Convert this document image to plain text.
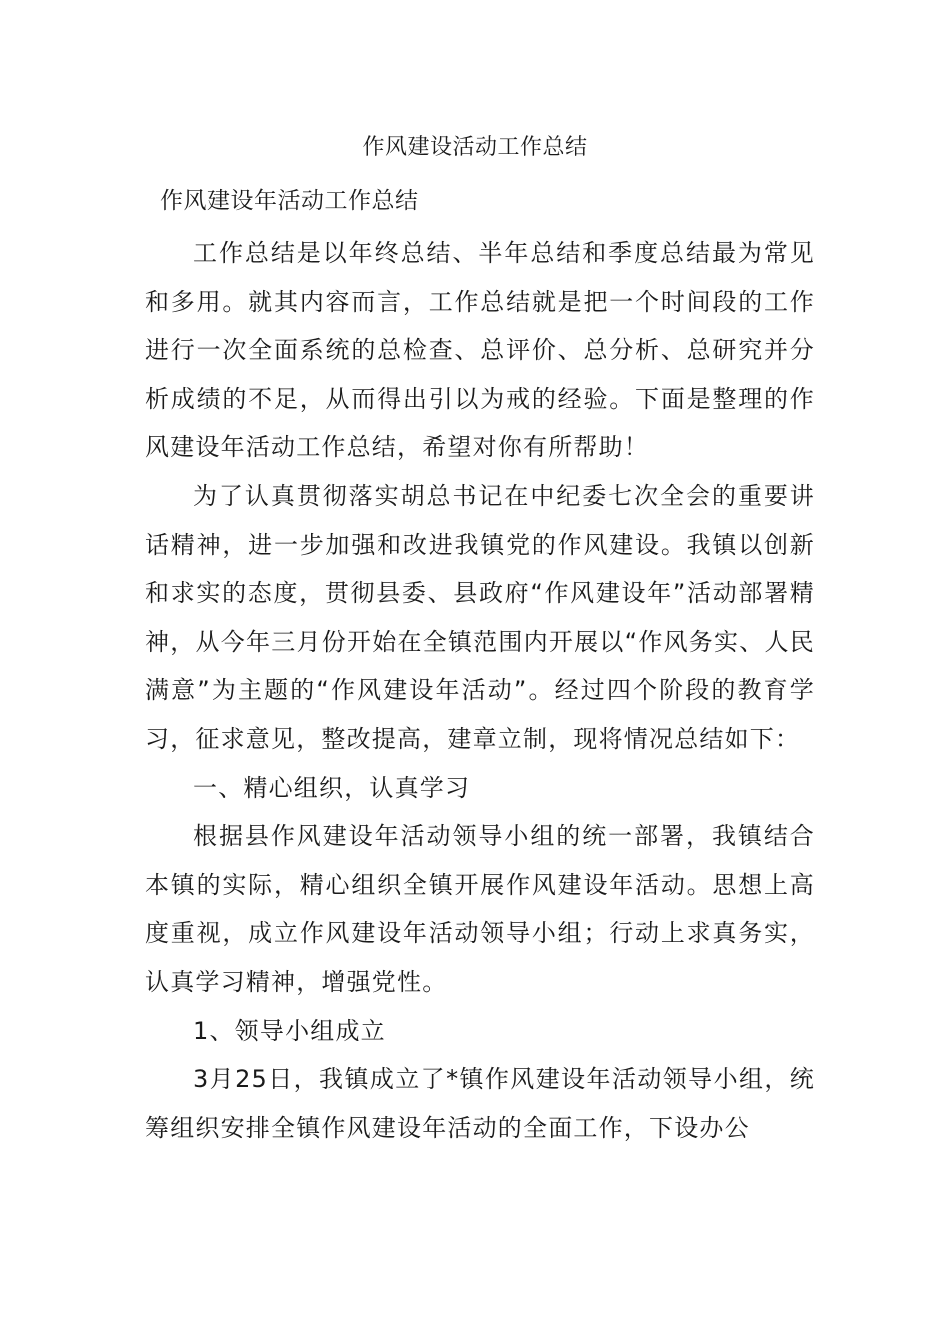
作风建设活动工作总结
作风建设年活动工作总结

工作总结是以年终总结、半年总结和季度总结最为常见和多用。就其内容而言，工作总结就是把一个时间段的工作进行一次全面系统的总检查、总评价、总分析、总研究并分析成绩的不足，从而得出引以为戒的经验。下面是整理的作风建设年活动工作总结，希望对你有所帮助！

为了认真贯彻落实胡总书记在中纪委七次全会的重要讲话精神，进一步加强和改进我镇党的作风建设。我镇以创新和求实的态度，贯彻县委、县政府“作风建设年”活动部署精神，从今年三月份开始在全镇范围内开展以“作风务实、人民满意”为主题的“作风建设年活动”。经过四个阶段的教育学习，征求意见，整改提高，建章立制，现将情况总结如下：

一、精心组织，认真学习

根据县作风建设年活动领导小组的统一部署，我镇结合本镇的实际，精心组织全镇开展作风建设年活动。思想上高度重视，成立作风建设年活动领导小组；行动上求真务实，认真学习精神，增强党性。

1、领导小组成立

3月25日，我镇成立了*镇作风建设年活动领导小组，统筹组织安排全镇作风建设年活动的全面工作，下设办公
